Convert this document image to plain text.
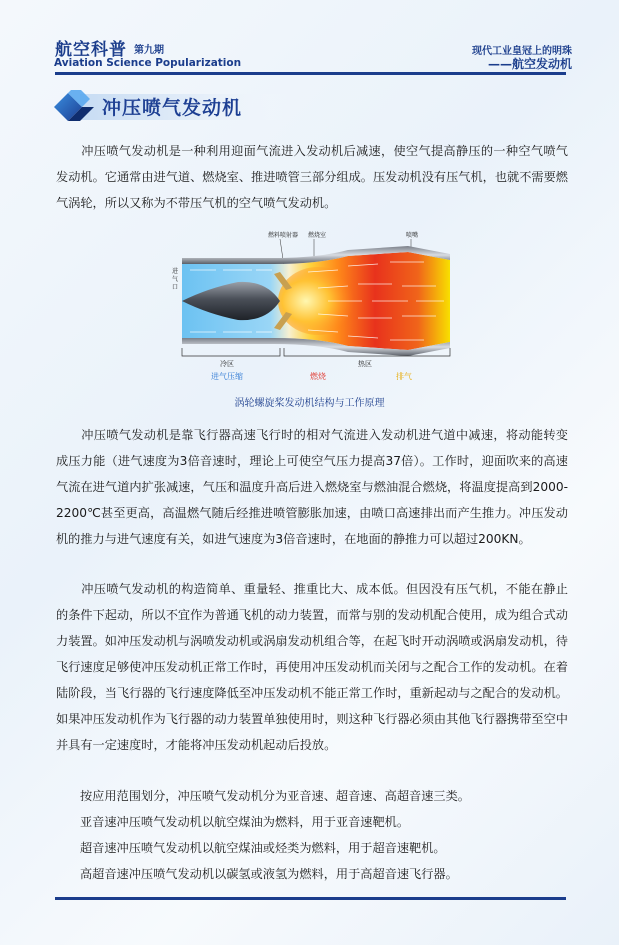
航空科普 第九期
Aviation Science Popularization
现代工业皇冠上的明珠
——航空发动机
冲压喷气发动机

冲压喷气发动机是一种利用迎面气流进入发动机后减速，使空气提高静压的一种空气喷气发动机。它通常由进气道、燃烧室、推进喷管三部分组成。压发动机没有压气机，也就不需要燃气涡轮，所以又称为不带压气机的空气喷气发动机。

燃料喷射器 燃烧室	喷嘴
进
气
口
冷区	热区
进气压缩	燃烧	排气
涡轮螺旋桨发动机结构与工作原理

冲压喷气发动机是靠飞行器高速飞行时的相对气流进入发动机进气道中减速，将动能转变成压力能（进气速度为3倍音速时，理论上可使空气压力提高37倍）。工作时，迎面吹来的高速气流在进气道内扩张减速，气压和温度升高后进入燃烧室与燃油混合燃烧，将温度提高到2000-2200℃甚至更高，高温燃气随后经推进喷管膨胀加速，由喷口高速排出而产生推力。冲压发动机的推力与进气速度有关，如进气速度为3倍音速时，在地面的静推力可以超过200KN。

冲压喷气发动机的构造简单、重量轻、推重比大、成本低。但因没有压气机，不能在静止的条件下起动，所以不宜作为普通飞机的动力装置，而常与别的发动机配合使用，成为组合式动力装置。如冲压发动机与涡喷发动机或涡扇发动机组合等，在起飞时开动涡喷或涡扇发动机，待飞行速度足够使冲压发动机正常工作时，再使用冲压发动机而关闭与之配合工作的发动机。在着陆阶段，当飞行器的飞行速度降低至冲压发动机不能正常工作时，重新起动与之配合的发动机。如果冲压发动机作为飞行器的动力装置单独使用时，则这种飞行器必须由其他飞行器携带至空中并具有一定速度时，才能将冲压发动机起动后投放。

按应用范围划分，冲压喷气发动机分为亚音速、超音速、高超音速三类。

亚音速冲压喷气发动机以航空煤油为燃料，用于亚音速靶机。

超音速冲压喷气发动机以航空煤油或烃类为燃料，用于超音速靶机。

高超音速冲压喷气发动机以碳氢或液氢为燃料，用于高超音速飞行器。
